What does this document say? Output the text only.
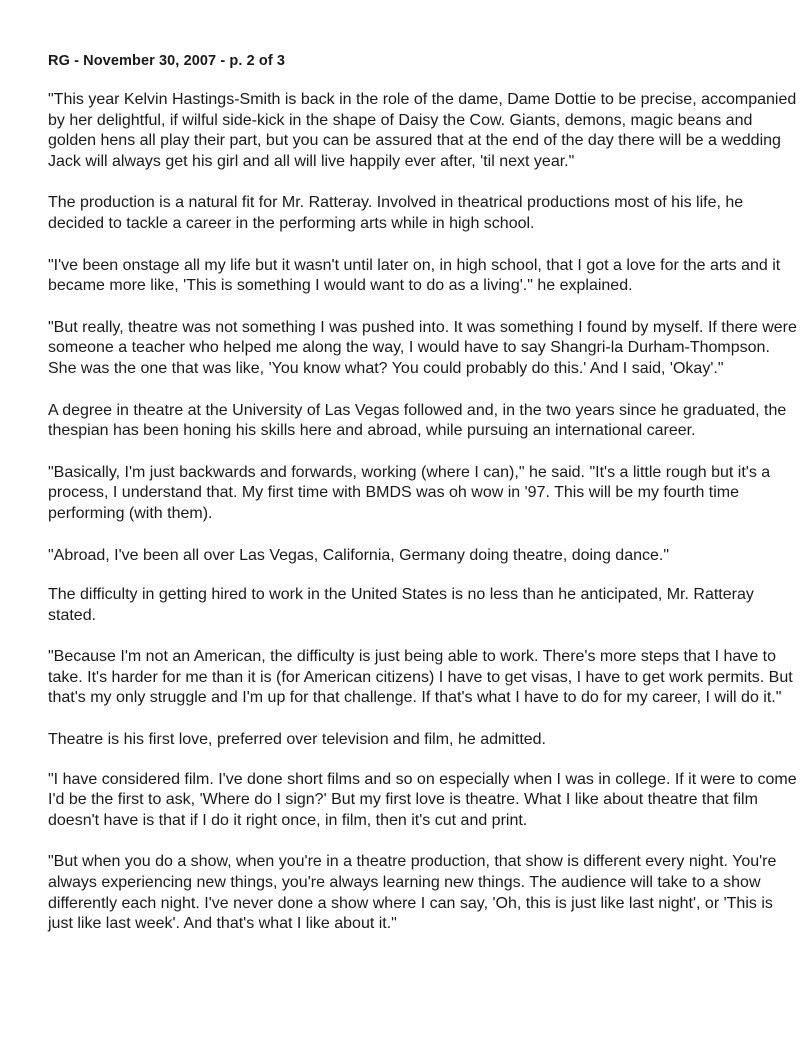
RG - November 30, 2007 - p. 2 of 3

"This year Kelvin Hastings-Smith is back in the role of the dame, Dame Dottie to be precise, accompanied by her delightful, if wilful side-kick in the shape of Daisy the Cow. Giants, demons, magic beans and golden hens all play their part, but you can be assured that at the end of the day there will be a wedding Jack will always get his girl and all will live happily ever after, 'til next year."

The production is a natural fit for Mr. Ratteray. Involved in theatrical productions most of his life, he decided to tackle a career in the performing arts while in high school.

"I've been onstage all my life but it wasn't until later on, in high school, that I got a love for the arts and it became more like, 'This is something I would want to do as a living'." he explained.

"But really, theatre was not something I was pushed into. It was something I found by myself. If there were someone a teacher who helped me along the way, I would have to say Shangri-la Durham-Thompson. She was the one that was like, 'You know what? You could probably do this.' And I said, 'Okay'."

A degree in theatre at the University of Las Vegas followed and, in the two years since he graduated, the thespian has been honing his skills here and abroad, while pursuing an international career.

"Basically, I'm just backwards and forwards, working (where I can)," he said. "It's a little rough but it's a process, I understand that. My first time with BMDS was oh wow in '97. This will be my fourth time performing (with them).

"Abroad, I've been all over Las Vegas, California, Germany doing theatre, doing dance."

The difficulty in getting hired to work in the United States is no less than he anticipated, Mr. Ratteray stated.

"Because I'm not an American, the difficulty is just being able to work. There's more steps that I have to take. It's harder for me than it is (for American citizens) I have to get visas, I have to get work permits. But that's my only struggle and I'm up for that challenge. If that's what I have to do for my career, I will do it."

Theatre is his first love, preferred over television and film, he admitted.

"I have considered film. I've done short films and so on especially when I was in college. If it were to come I'd be the first to ask, 'Where do I sign?' But my first love is theatre. What I like about theatre that film doesn't have is that if I do it right once, in film, then it's cut and print.

"But when you do a show, when you're in a theatre production, that show is different every night. You're always experiencing new things, you're always learning new things. The audience will take to a show differently each night. I've never done a show where I can say, 'Oh, this is just like last night', or 'This is just like last week'. And that's what I like about it."
